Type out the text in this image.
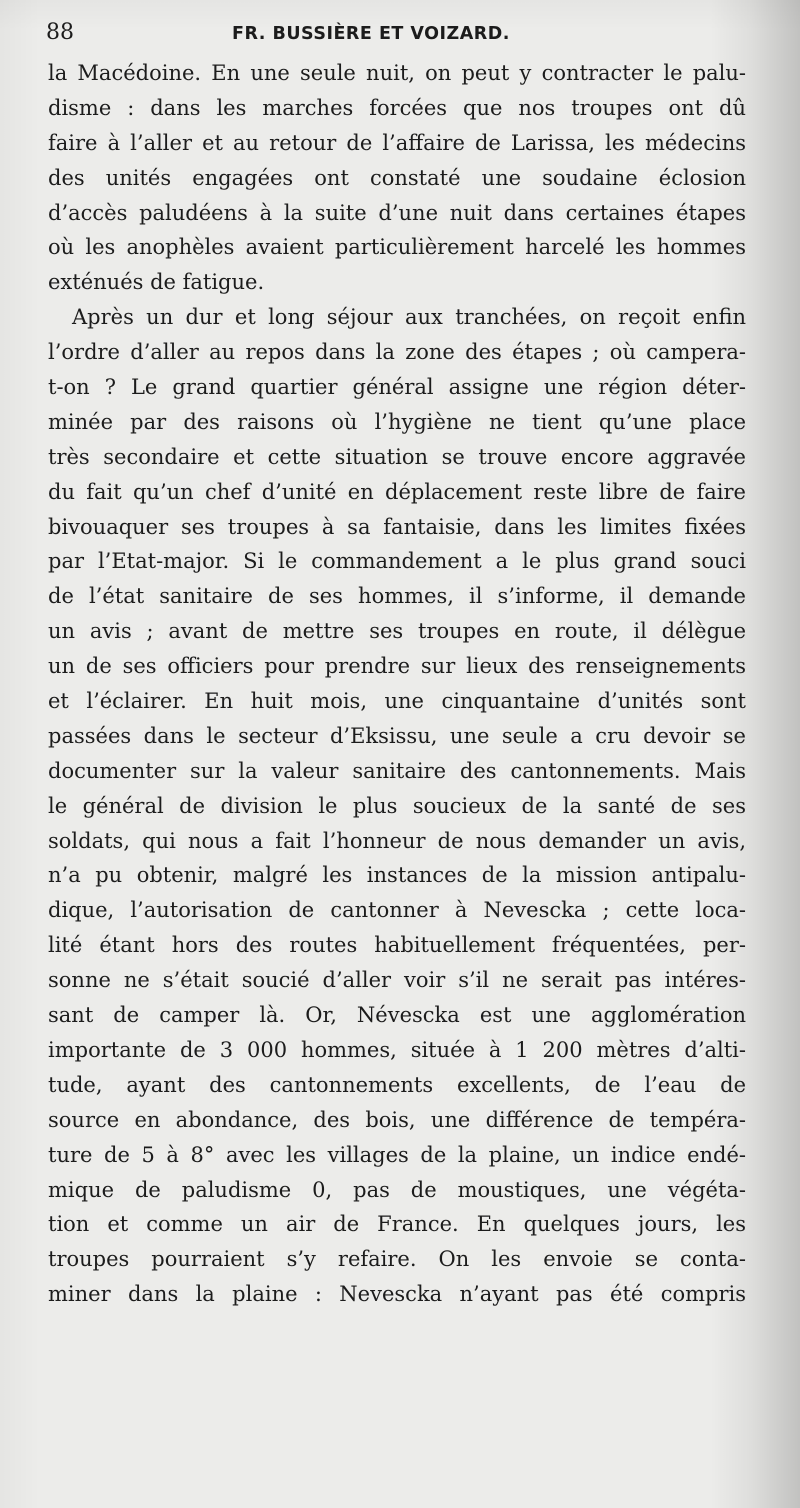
88	FR. BUSSIÈRE ET VOIZARD.
la Macédoine. En une seule nuit, on peut y contracter le palu-
disme : dans les marches forcées que nos troupes ont dû
faire à l’aller et au retour de l’affaire de Larissa, les médecins
des unités engagées ont constaté une soudaine éclosion
d’accès paludéens à la suite d’une nuit dans certaines étapes
où les anophèles avaient particulièrement harcelé les hommes
exténués de fatigue.
Après un dur et long séjour aux tranchées, on reçoit enfin
l’ordre d’aller au repos dans la zone des étapes ; où campera-
t-on ? Le grand quartier général assigne une région déter-
minée par des raisons où l’hygiène ne tient qu’une place
très secondaire et cette situation se trouve encore aggravée
du fait qu’un chef d’unité en déplacement reste libre de faire
bivouaquer ses troupes à sa fantaisie, dans les limites fixées
par l’Etat-major. Si le commandement a le plus grand souci
de l’état sanitaire de ses hommes, il s’informe, il demande
un avis ; avant de mettre ses troupes en route, il délègue
un de ses officiers pour prendre sur lieux des renseignements
et l’éclairer. En huit mois, une cinquantaine d’unités sont
passées dans le secteur d’Eksissu, une seule a cru devoir se
documenter sur la valeur sanitaire des cantonnements. Mais
le général de division le plus soucieux de la santé de ses
soldats, qui nous a fait l’honneur de nous demander un avis,
n’a pu obtenir, malgré les instances de la mission antipalu-
dique, l’autorisation de cantonner à Nevescka ; cette loca-
lité étant hors des routes habituellement fréquentées, per-
sonne ne s’était soucié d’aller voir s’il ne serait pas intéres-
sant de camper là. Or, Névescka est une agglomération
importante de 3 000 hommes, située à 1 200 mètres d’alti-
tude, ayant des cantonnements excellents, de l’eau de
source en abondance, des bois, une différence de tempéra-
ture de 5 à 8° avec les villages de la plaine, un indice endé-
mique de paludisme 0, pas de moustiques, une végéta-
tion et comme un air de France. En quelques jours, les
troupes pourraient s’y refaire. On les envoie se conta-
miner dans la plaine : Nevescka n’ayant pas été compris
